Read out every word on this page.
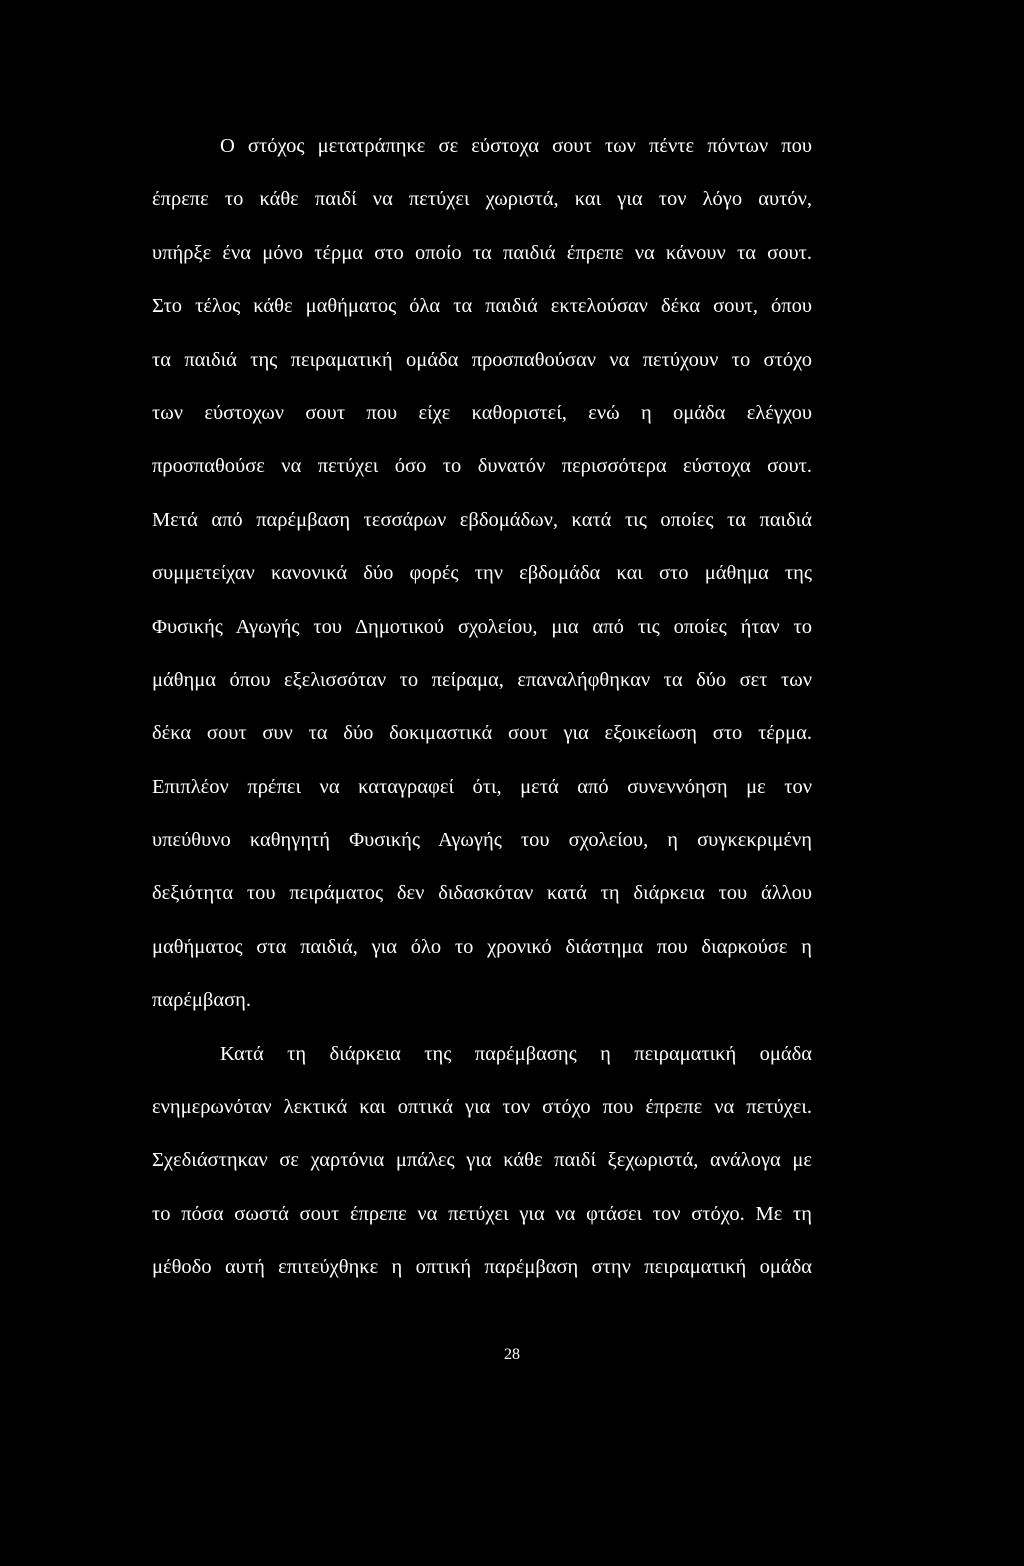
Ο στόχος μετατράπηκε σε εύστοχα σουτ των πέντε πόντων που
έπρεπε το κάθε παιδί να πετύχει χωριστά, και για τον λόγο αυτόν,
υπήρξε ένα μόνο τέρμα στο οποίο τα παιδιά έπρεπε να κάνουν τα σουτ.
Στο τέλος κάθε μαθήματος όλα τα παιδιά εκτελούσαν δέκα σουτ, όπου
τα παιδιά της πειραματική ομάδα προσπαθούσαν να πετύχουν το στόχο
των εύστοχων σουτ που είχε καθοριστεί, ενώ η ομάδα ελέγχου
προσπαθούσε να πετύχει όσο το δυνατόν περισσότερα εύστοχα σουτ.
Μετά από παρέμβαση τεσσάρων εβδομάδων, κατά τις οποίες τα παιδιά
συμμετείχαν κανονικά δύο φορές την εβδομάδα και στο μάθημα της
Φυσικής Αγωγής του Δημοτικού σχολείου, μια από τις οποίες ήταν το
μάθημα όπου εξελισσόταν το πείραμα, επαναλήφθηκαν τα δύο σετ των
δέκα σουτ συν τα δύο δοκιμαστικά σουτ για εξοικείωση στο τέρμα.
Επιπλέον πρέπει να καταγραφεί ότι, μετά από συνεννόηση με τον
υπεύθυνο καθηγητή Φυσικής Αγωγής του σχολείου, η συγκεκριμένη
δεξιότητα του πειράματος δεν διδασκόταν κατά τη διάρκεια του άλλου
μαθήματος στα παιδιά, για όλο το χρονικό διάστημα που διαρκούσε η
παρέμβαση.
Κατά τη διάρκεια της παρέμβασης η πειραματική ομάδα
ενημερωνόταν λεκτικά και οπτικά για τον στόχο που έπρεπε να πετύχει.
Σχεδιάστηκαν σε χαρτόνια μπάλες για κάθε παιδί ξεχωριστά, ανάλογα με
το πόσα σωστά σουτ έπρεπε να πετύχει για να φτάσει τον στόχο. Με τη
μέθοδο αυτή επιτεύχθηκε η οπτική παρέμβαση στην πειραματική ομάδα
28
